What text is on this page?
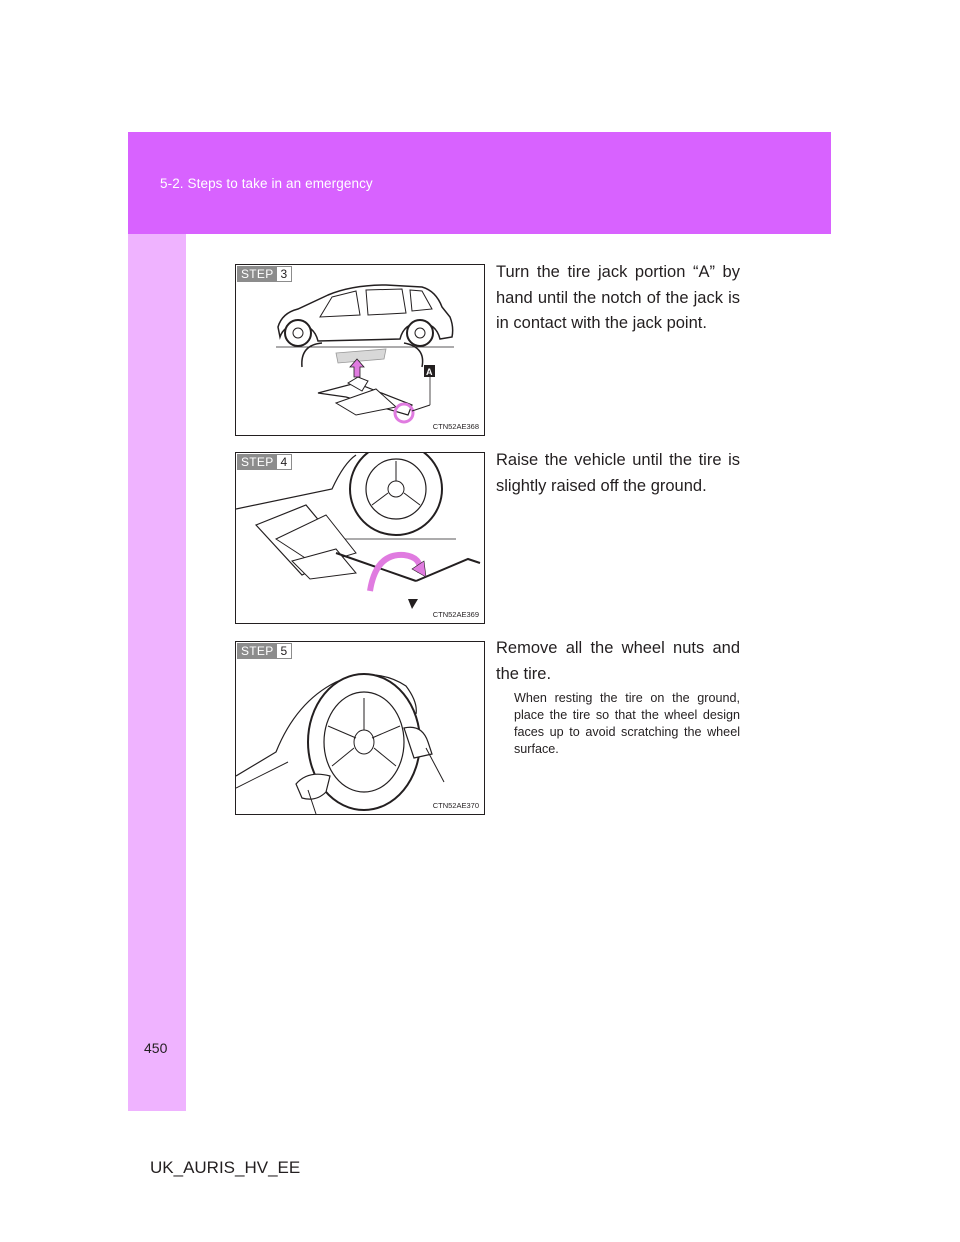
5-2. Steps to take in an emergency
A
STEP 3
CTN52AE368
Turn the tire jack portion “A” by hand until the notch of the jack is in contact with the jack point.
STEP 4
CTN52AE369
Raise the vehicle until the tire is slightly raised off the ground.
STEP 5
CTN52AE370
Remove all the wheel nuts and the tire.
When resting the tire on the ground, place the tire so that the wheel design faces up to avoid scratching the wheel surface.
450
UK_AURIS_HV_EE
